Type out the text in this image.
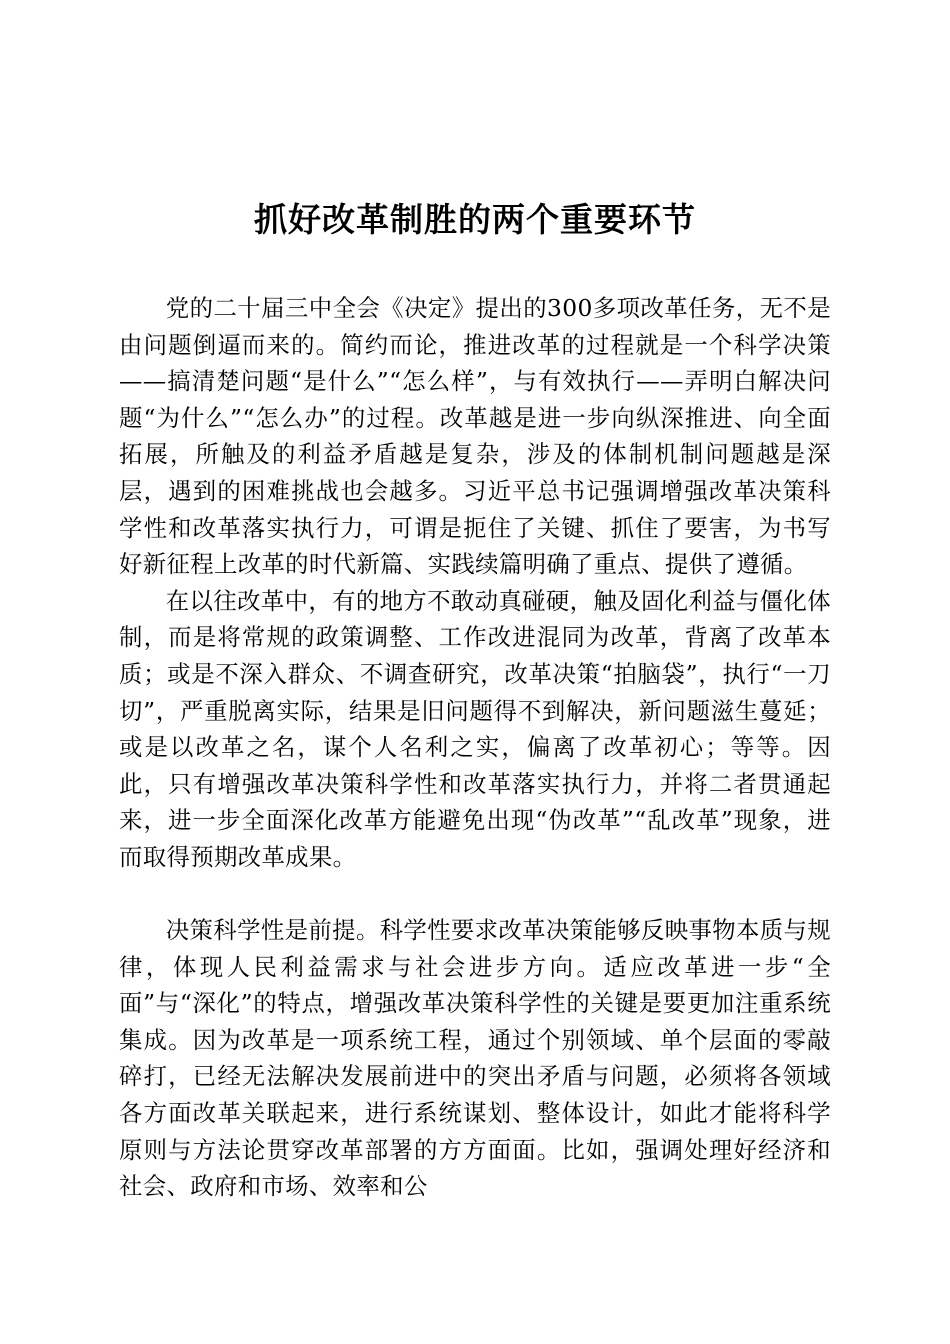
抓好改革制胜的两个重要环节

党的二十届三中全会《决定》提出的300多项改革任务，无不是由问题倒逼而来的。简约而论，推进改革的过程就是一个科学决策——搞清楚问题“是什么”“怎么样”，与有效执行——弄明白解决问题“为什么”“怎么办”的过程。改革越是进一步向纵深推进、向全面拓展，所触及的利益矛盾越是复杂，涉及的体制机制问题越是深层，遇到的困难挑战也会越多。习近平总书记强调增强改革决策科学性和改革落实执行力，可谓是扼住了关键、抓住了要害，为书写好新征程上改革的时代新篇、实践续篇明确了重点、提供了遵循。

在以往改革中，有的地方不敢动真碰硬，触及固化利益与僵化体制，而是将常规的政策调整、工作改进混同为改革，背离了改革本质；或是不深入群众、不调查研究，改革决策“拍脑袋”，执行“一刀切”，严重脱离实际，结果是旧问题得不到解决，新问题滋生蔓延；或是以改革之名，谋个人名利之实，偏离了改革初心；等等。因此，只有增强改革决策科学性和改革落实执行力，并将二者贯通起来，进一步全面深化改革方能避免出现“伪改革”“乱改革”现象，进而取得预期改革成果。

决策科学性是前提。科学性要求改革决策能够反映事物本质与规律，体现人民利益需求与社会进步方向。适应改革进一步“全面”与“深化”的特点，增强改革决策科学性的关键是要更加注重系统集成。因为改革是一项系统工程，通过个别领域、单个层面的零敲碎打，已经无法解决发展前进中的突出矛盾与问题，必须将各领域各方面改革关联起来，进行系统谋划、整体设计，如此才能将科学原则与方法论贯穿改革部署的方方面面。比如，强调处理好经济和社会、政府和市场、效率和公
